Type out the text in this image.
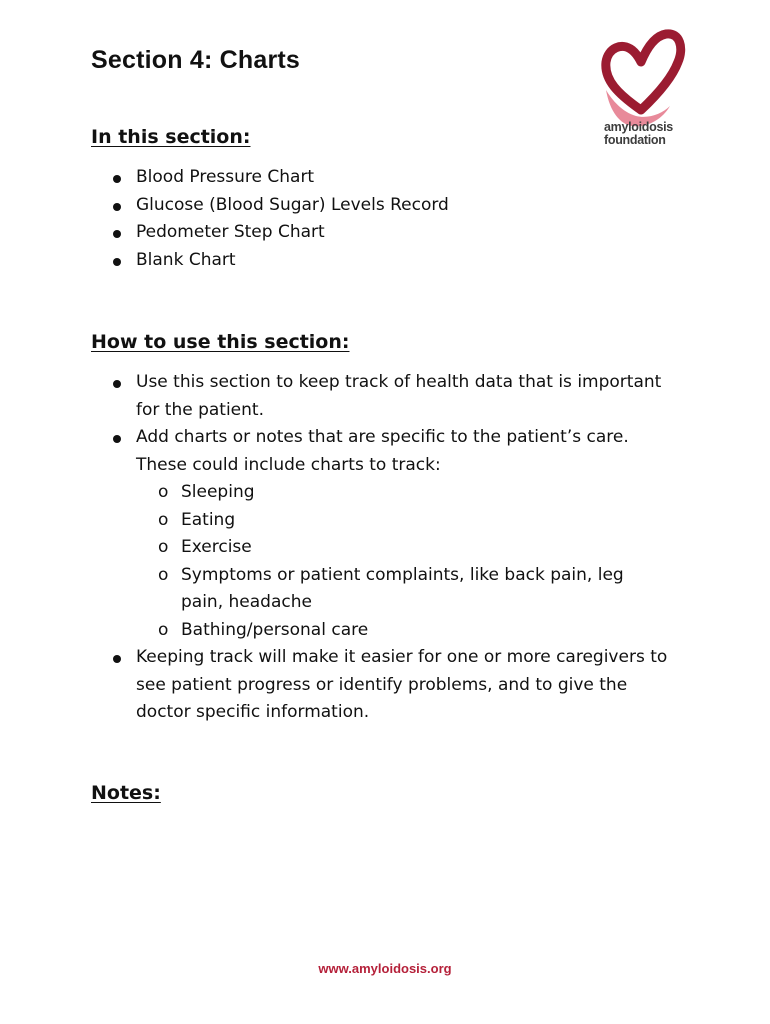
Section 4: Charts
amyloidosis
foundation
In this section:
Blood Pressure Chart
Glucose (Blood Sugar) Levels Record
Pedometer Step Chart
Blank Chart
How to use this section:
Use this section to keep track of health data that is important for the patient.
Add charts or notes that are specific to the patient’s care. These could include charts to track:
o Sleeping
o Eating
o Exercise
o Symptoms or patient complaints, like back pain, leg pain, headache
o Bathing/personal care
Keeping track will make it easier for one or more caregivers to see patient progress or identify problems, and to give the doctor specific information.
Notes:
www.amyloidosis.org
